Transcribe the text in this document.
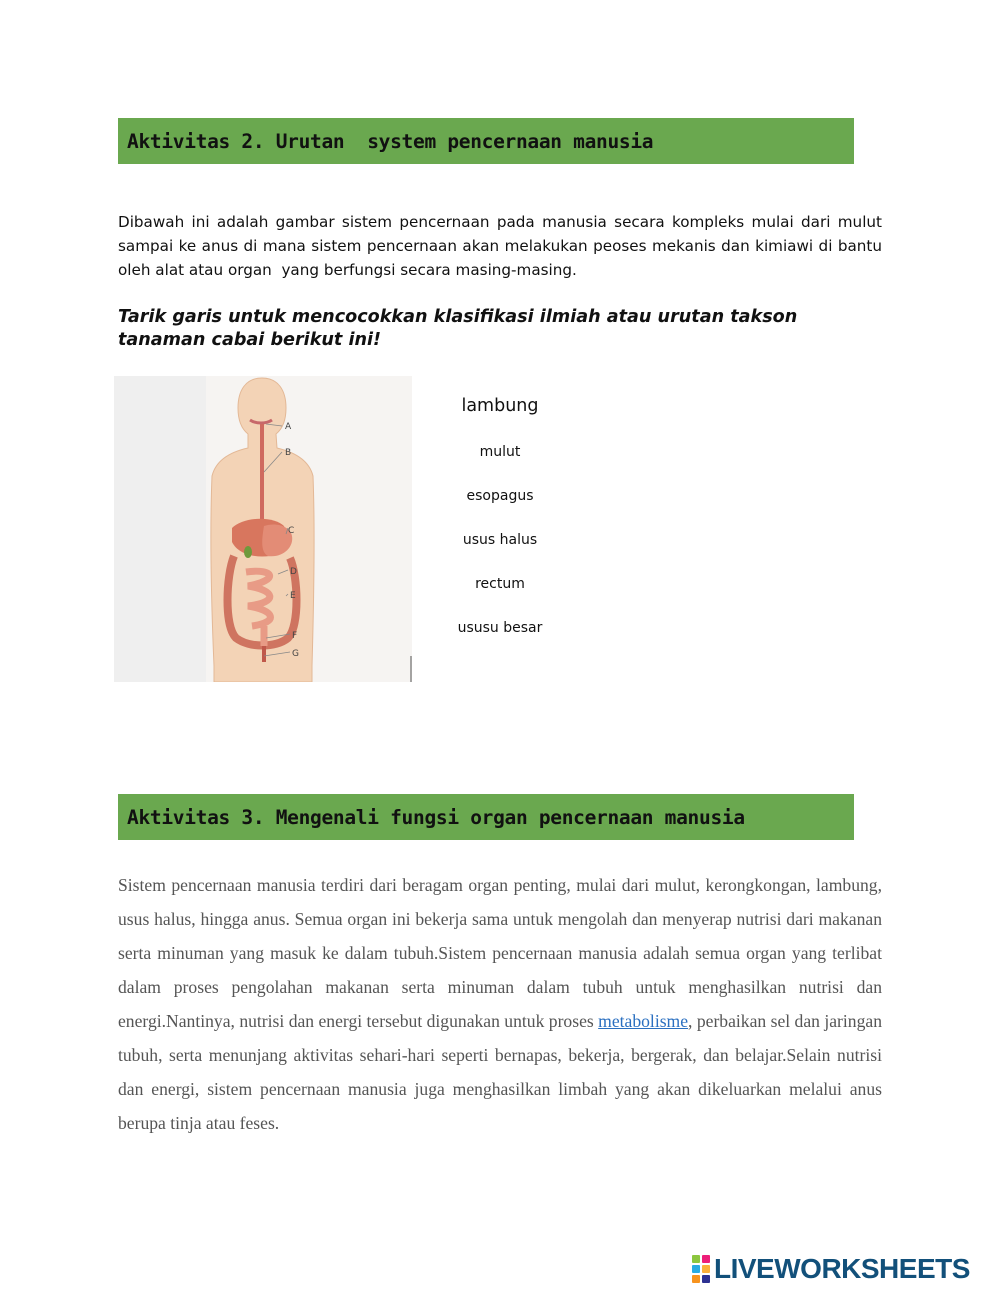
Aktivitas 2. Urutan  system pencernaan manusia

Dibawah ini adalah gambar sistem pencernaan pada manusia secara kompleks mulai dari mulut sampai ke anus di mana sistem pencernaan akan melakukan peoses mekanis dan kimiawi di bantu oleh alat atau organ  yang berfungsi secara masing-masing.

Tarik garis untuk mencocokkan klasifikasi ilmiah atau urutan takson tanaman cabai berikut ini!

A
B
C
D
E
F
G
lambung
mulut
esopagus
usus halus
rectum
ususu besar
Aktivitas 3. Mengenali fungsi organ pencernaan manusia

Sistem pencernaan manusia terdiri dari beragam organ penting, mulai dari mulut, kerongkongan, lambung, usus halus, hingga anus. Semua organ ini bekerja sama untuk mengolah dan menyerap nutrisi dari makanan serta minuman yang masuk ke dalam tubuh.Sistem pencernaan manusia adalah semua organ yang terlibat dalam proses pengolahan makanan serta minuman dalam tubuh untuk menghasilkan nutrisi dan energi.Nantinya, nutrisi dan energi tersebut digunakan untuk proses metabolisme, perbaikan sel dan jaringan tubuh, serta menunjang aktivitas sehari-hari seperti bernapas, bekerja, bergerak, dan belajar.Selain nutrisi dan energi, sistem pencernaan manusia juga menghasilkan limbah yang akan dikeluarkan melalui anus berupa tinja atau feses.

LIVEWORKSHEETS
